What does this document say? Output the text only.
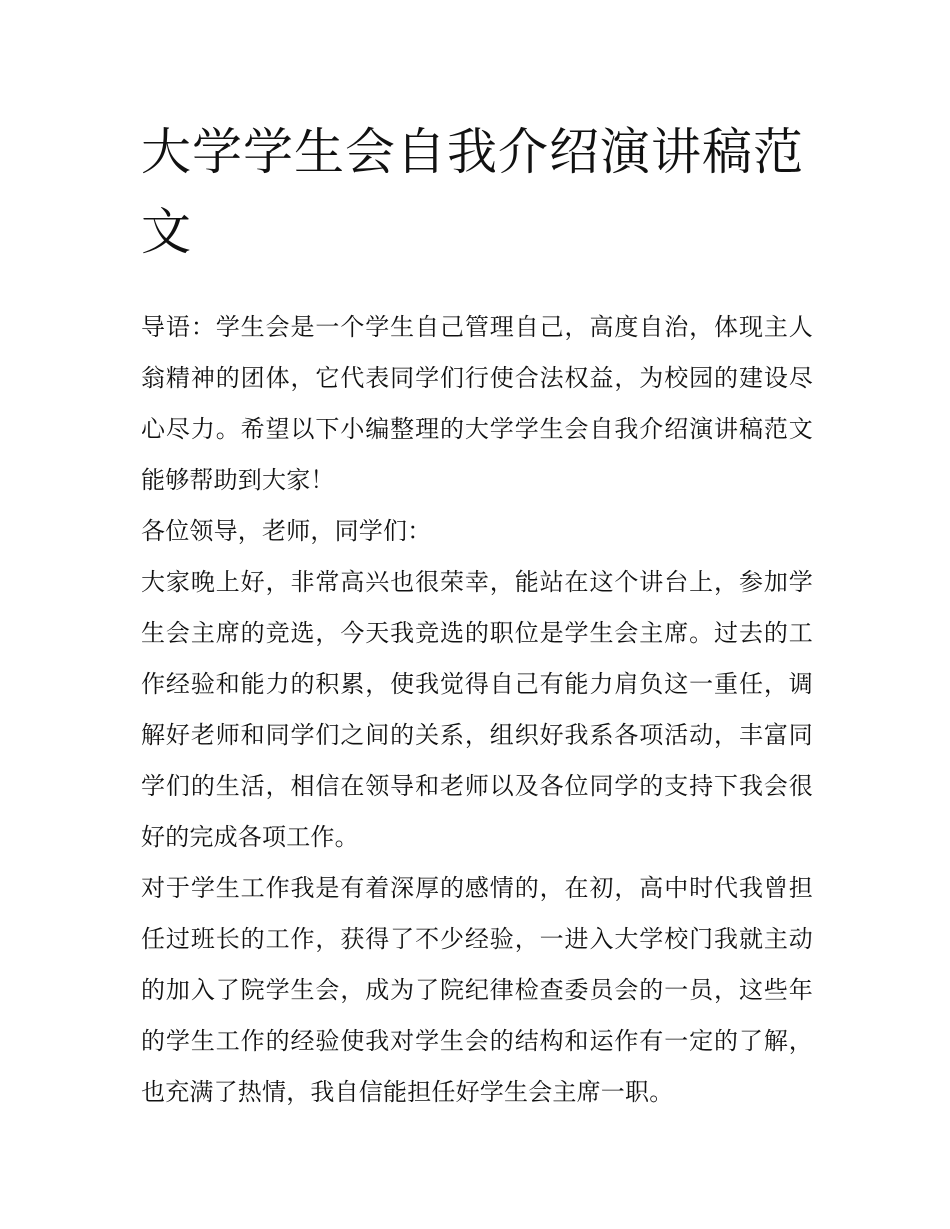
大学学生会自我介绍演讲稿范文

导语：学生会是一个学生自己管理自己，高度自治，体现主人翁精神的团体，它代表同学们行使合法权益，为校园的建设尽心尽力。希望以下小编整理的大学学生会自我介绍演讲稿范文能够帮助到大家！

各位领导，老师，同学们：

大家晚上好，非常高兴也很荣幸，能站在这个讲台上，参加学生会主席的竞选，今天我竞选的职位是学生会主席。过去的工作经验和能力的积累，使我觉得自己有能力肩负这一重任，调解好老师和同学们之间的关系，组织好我系各项活动，丰富同学们的生活，相信在领导和老师以及各位同学的支持下我会很好的完成各项工作。

对于学生工作我是有着深厚的感情的，在初，高中时代我曾担任过班长的工作，获得了不少经验，一进入大学校门我就主动的加入了院学生会，成为了院纪律检查委员会的一员，这些年的学生工作的经验使我对学生会的结构和运作有一定的了解，也充满了热情，我自信能担任好学生会主席一职。
